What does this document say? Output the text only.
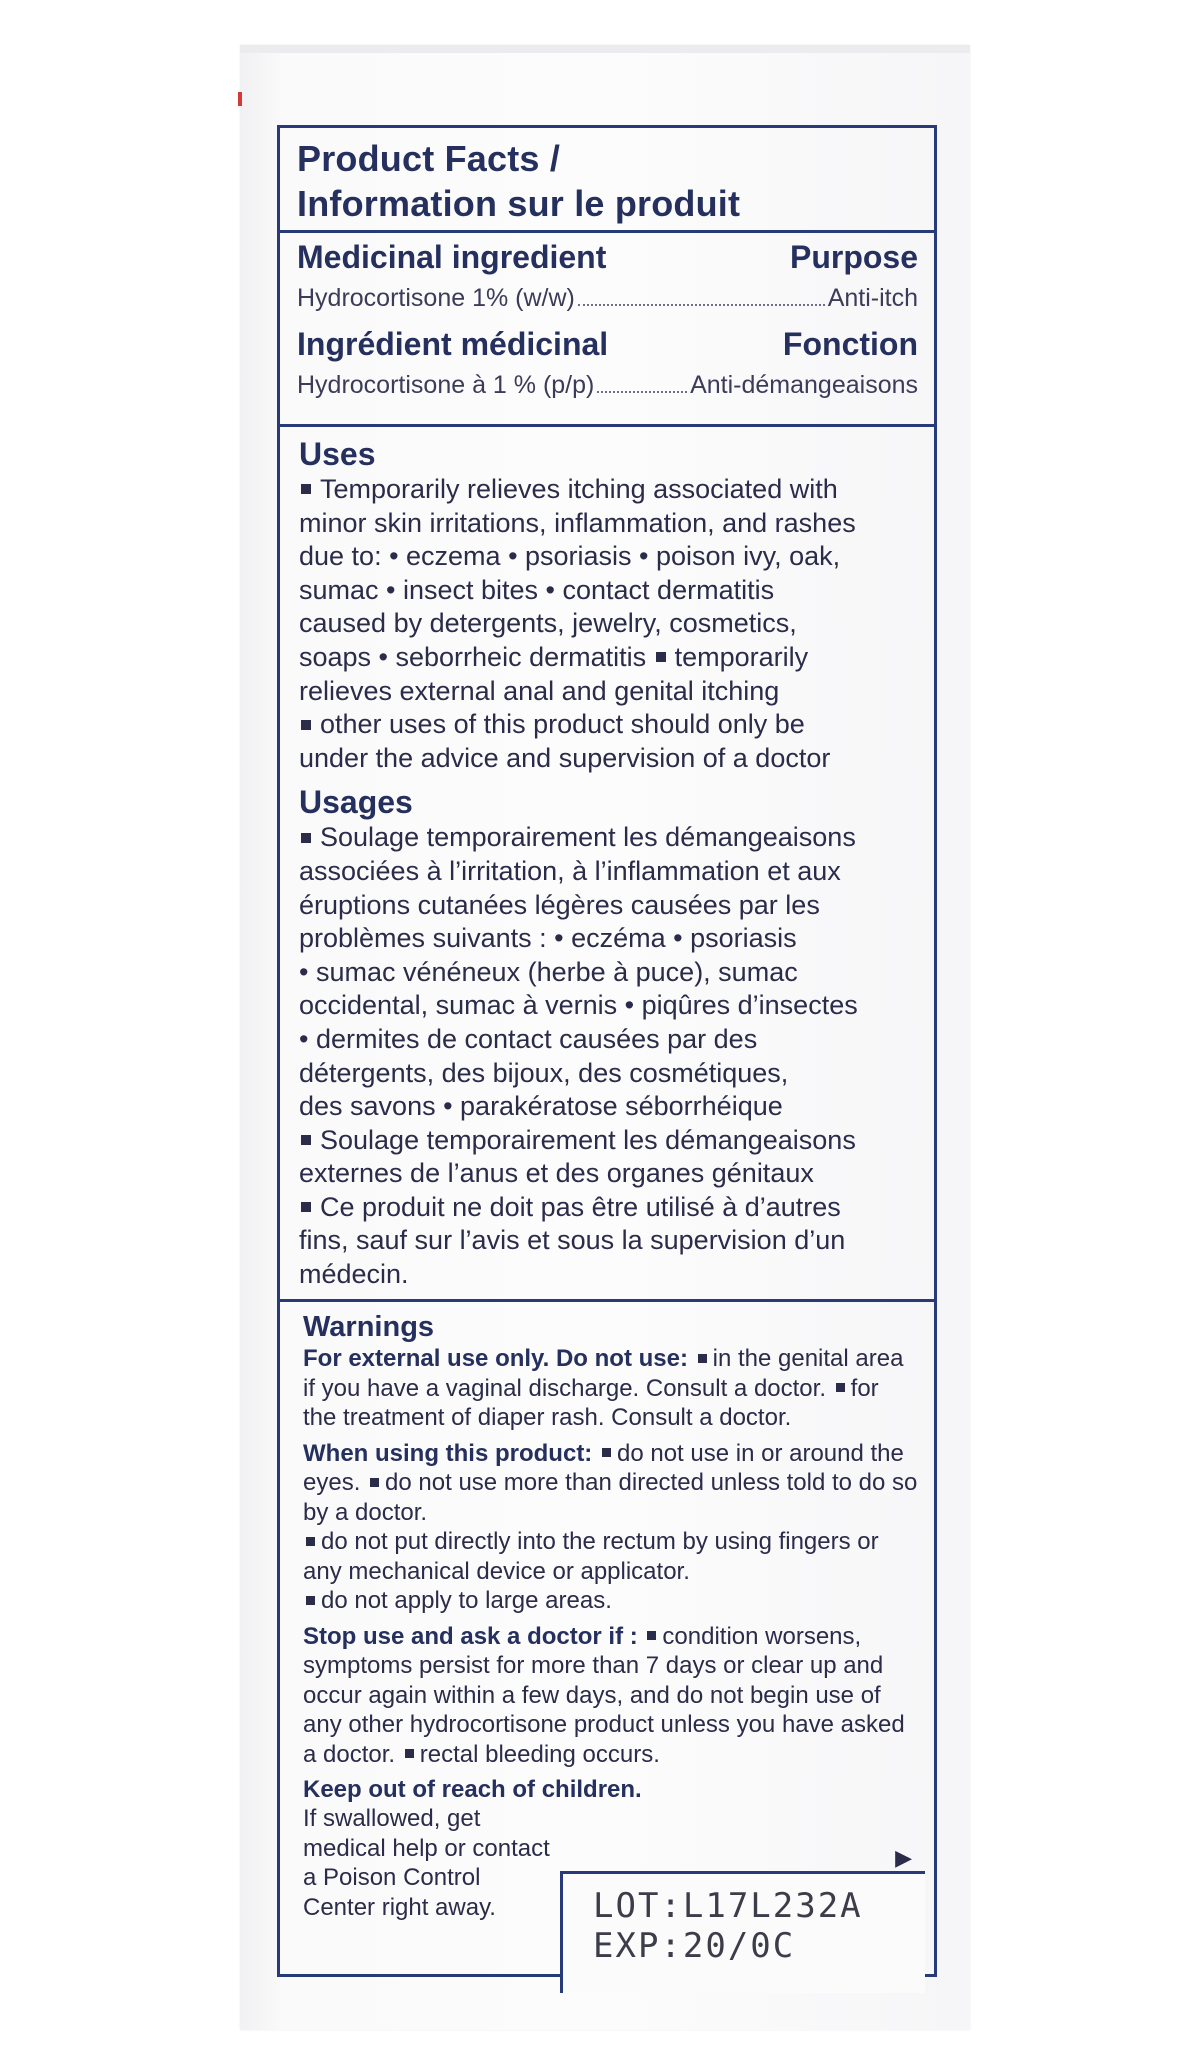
Product Facts /
Information sur le produit
Medicinal ingredient	Purpose
Hydrocortisone 1% (w/w)	Anti-itch
Ingrédient médicinal	Fonction
Hydrocortisone à 1 % (p/p)	Anti-démangeaisons
Uses

Temporarily relieves itching associated with
minor skin irritations, inflammation, and rashes
due to: • eczema • psoriasis • poison ivy, oak,
sumac • insect bites • contact dermatitis
caused by detergents, jewelry, cosmetics,
soaps • seborrheic dermatitis temporarily
relieves external anal and genital itching
other uses of this product should only be
under the advice and supervision of a doctor

Usages

Soulage temporairement les démangeaisons
associées à l’irritation, à l’inflammation et aux
éruptions cutanées légères causées par les
problèmes suivants : • eczéma • psoriasis
• sumac vénéneux (herbe à puce), sumac
occidental, sumac à vernis • piqûres d’insectes
• dermites de contact causées par des
détergents, des bijoux, des cosmétiques,
des savons • parakératose séborrhéique
Soulage temporairement les démangeaisons
externes de l’anus et des organes génitaux
Ce produit ne doit pas être utilisé à d’autres
fins, sauf sur l’avis et sous la supervision d’un
médecin.

Warnings

For external use only. Do not use: in the genital area if you have a vaginal discharge. Consult a doctor. for the treatment of diaper rash. Consult a doctor.

When using this product: do not use in or around the eyes. do not use more than directed unless told to do so by a doctor.
do not put directly into the rectum by using fingers or any mechanical device or applicator.
do not apply to large areas.

Stop use and ask a doctor if : condition worsens, symptoms persist for more than 7 days or clear up and occur again within a few days, and do not begin use of any other hydrocortisone product unless you have asked a doctor. rectal bleeding occurs.

Keep out of reach of children.

If swallowed, get medical help or contact a Poison Control Center right away.

▶
LOT:L17L232A
EXP:20/0C
